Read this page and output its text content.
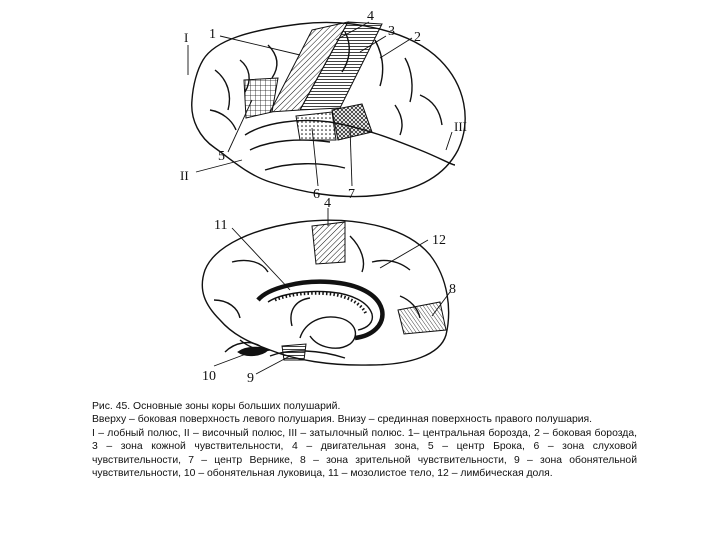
I 1
4
3 2
III
5
II
6 7
4
11
12
8
10 9

Рис. 45. Основные зоны коры больших полушарий.

Вверху – боковая поверхность левого полушария. Внизу – срединная поверхность правого полушария.

I – лобный полюс, II – височный полюс, III – затылочный полюс. 1– центральная борозда, 2 – боковая борозда, 3 – зона кожной чувствительности, 4 – двигательная зона, 5 – центр Брока, 6 – зона слуховой чувствительности, 7 – центр Вернике, 8 – зона зрительной чувствительности, 9 – зона обонятельной чувствительности, 10 – обонятельная луковица, 11 – мозолистое тело, 12 – лимбическая доля.
